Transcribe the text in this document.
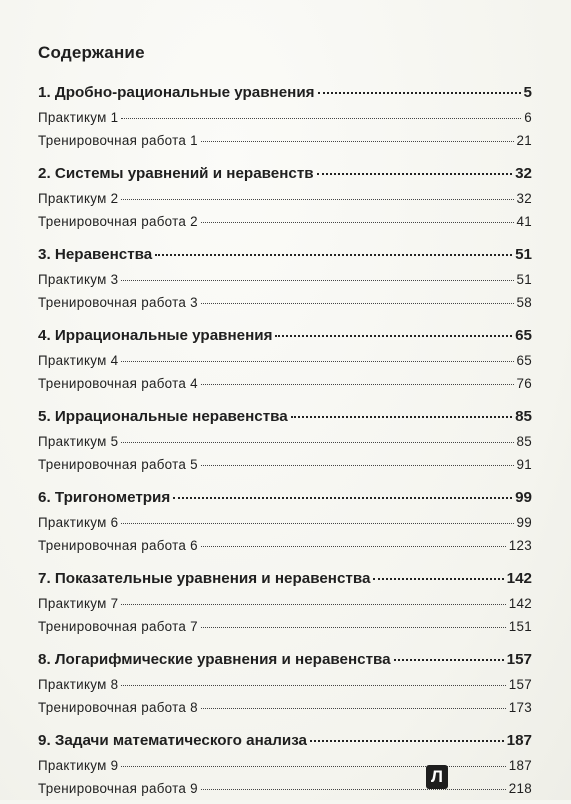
Содержание
1. Дробно-рациональные уравнения	5
Практикум 1	6
Тренировочная работа 1	21
2. Системы уравнений и неравенств	32
Практикум 2	32
Тренировочная работа 2	41
3. Неравенства	51
Практикум 3	51
Тренировочная работа 3	58
4. Иррациональные уравнения	65
Практикум 4	65
Тренировочная работа 4	76
5. Иррациональные неравенства	85
Практикум 5	85
Тренировочная работа 5	91
6. Тригонометрия	99
Практикум 6	99
Тренировочная работа 6	123
7. Показательные уравнения и неравенства	142
Практикум 7	142
Тренировочная работа 7	151
8. Логарифмические уравнения и неравенства	157
Практикум 8	157
Тренировочная работа 8	173
9. Задачи математического анализа	187
Практикум 9	187
Тренировочная работа 9	218
Л
